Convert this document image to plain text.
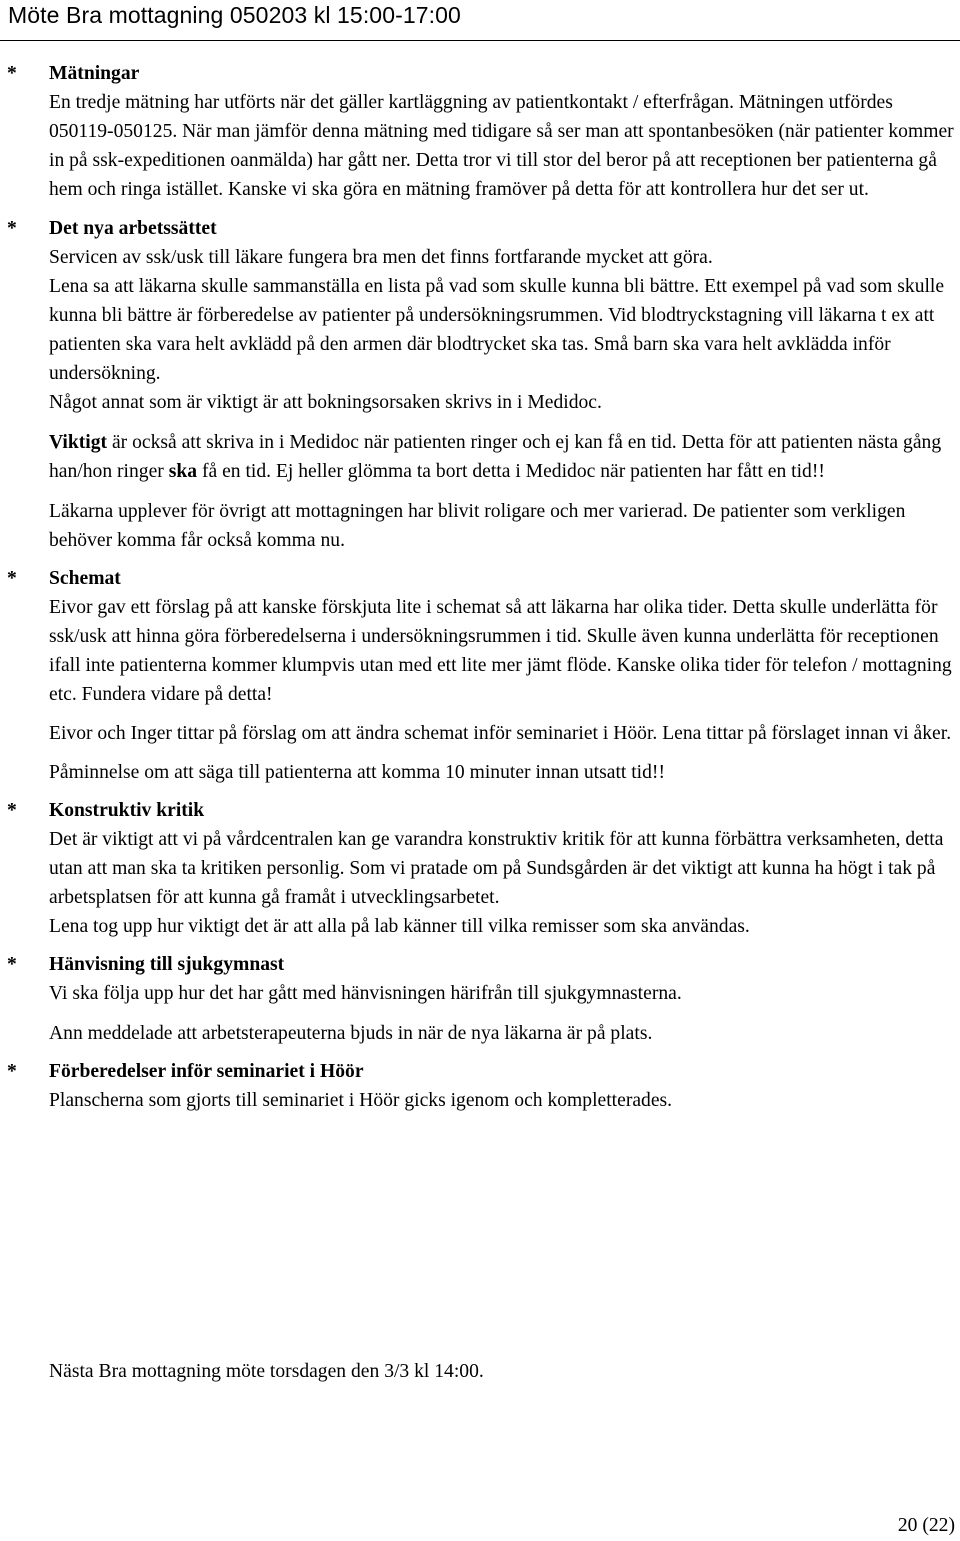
Möte Bra mottagning 050203 kl 15:00-17:00
* Mätningar

En tredje mätning har utförts när det gäller kartläggning av patientkontakt / efterfrågan. Mätningen utfördes 050119-050125. När man jämför denna mätning med tidigare så ser man att spontanbesöken (när patienter kommer in på ssk-expeditionen oanmälda) har gått ner. Detta tror vi till stor del beror på att receptionen ber patienterna gå hem och ringa istället. Kanske vi ska göra en mätning framöver på detta för att kontrollera hur det ser ut.

* Det nya arbetssättet

Servicen av ssk/usk till läkare fungera bra men det finns fortfarande mycket att göra.

Lena sa att läkarna skulle sammanställa en lista på vad som skulle kunna bli bättre. Ett exempel på vad som skulle kunna bli bättre är förberedelse av patienter på undersökningsrummen. Vid blodtryckstagning vill läkarna t ex att patienten ska vara helt avklädd på den armen där blodtrycket ska tas. Små barn ska vara helt avklädda inför undersökning.

Något annat som är viktigt är att bokningsorsaken skrivs in i Medidoc.

Viktigt är också att skriva in i Medidoc när patienten ringer och ej kan få en tid. Detta för att patienten nästa gång han/hon ringer ska få en tid. Ej heller glömma ta bort detta i Medidoc när patienten har fått en tid!!

Läkarna upplever för övrigt att mottagningen har blivit roligare och mer varierad. De patienter som verkligen behöver komma får också komma nu.

* Schemat

Eivor gav ett förslag på att kanske förskjuta lite i schemat så att läkarna har olika tider. Detta skulle underlätta för ssk/usk att hinna göra förberedelserna i undersökningsrummen i tid. Skulle även kunna underlätta för receptionen ifall inte patienterna kommer klumpvis utan med ett lite mer jämt flöde. Kanske olika tider för telefon / mottagning etc. Fundera vidare på detta!

Eivor och Inger tittar på förslag om att ändra schemat inför seminariet i Höör. Lena tittar på förslaget innan vi åker.

Påminnelse om att säga till patienterna att komma 10 minuter innan utsatt tid!!

* Konstruktiv kritik

Det är viktigt att vi på vårdcentralen kan ge varandra konstruktiv kritik för att kunna förbättra verksamheten, detta utan att man ska ta kritiken personlig. Som vi pratade om på Sundsgården är det viktigt att kunna ha högt i tak på arbetsplatsen för att kunna gå framåt i utvecklingsarbetet.

Lena tog upp hur viktigt det är att alla på lab känner till vilka remisser som ska användas.

* Hänvisning till sjukgymnast

Vi ska följa upp hur det har gått med hänvisningen härifrån till sjukgymnasterna.

Ann meddelade att arbetsterapeuterna bjuds in när de nya läkarna är på plats.

* Förberedelser inför seminariet i Höör

Planscherna som gjorts till seminariet i Höör gicks igenom och kompletterades.

Nästa Bra mottagning möte torsdagen den 3/3 kl 14:00.
20 (22)
